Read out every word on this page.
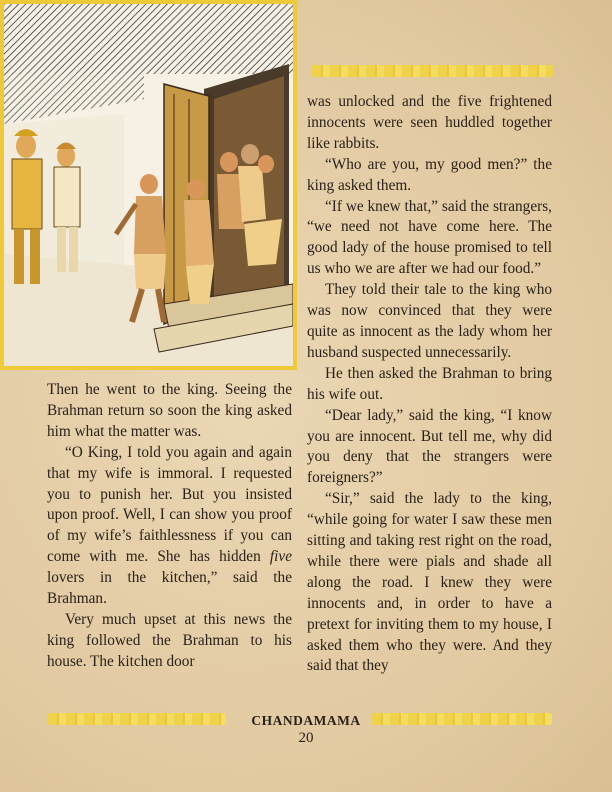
Then he went to the king. Seeing the Brahman return so soon the king asked him what the matter was.

“O King, I told you again and again that my wife is immoral. I requested you to punish her. But you insisted upon proof. Well, I can show you proof of my wife’s faithlessness if you can come with me. She has hidden five lovers in the kitchen,” said the Brahman.

Very much upset at this news the king followed the Brahman to his house. The kitchen door

was unlocked and the five frightened innocents were seen huddled together like rabbits.

“Who are you, my good men?” the king asked them.

“If we knew that,” said the strangers, “we need not have come here. The good lady of the house promised to tell us who we are after we had our food.”

They told their tale to the king who was now convinced that they were quite as innocent as the lady whom her husband suspected unnecessarily.

He then asked the Brahman to bring his wife out.

“Dear lady,” said the king, “I know you are innocent. But tell me, why did you deny that the strangers were foreigners?”

“Sir,” said the lady to the king, “while going for water I saw these men sitting and taking rest right on the road, while there were pials and shade all along the road. I knew they were innocents and, in order to have a pretext for inviting them to my house, I asked them who they were. And they said that they

CHANDAMAMA
20
